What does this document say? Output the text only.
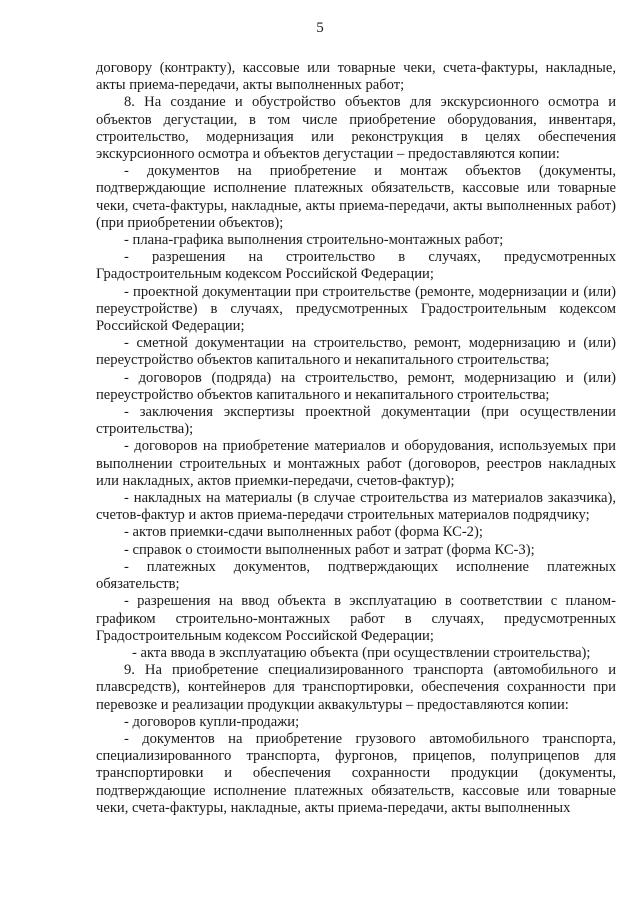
5

договору (контракту), кассовые или товарные чеки, счета-фактуры, накладные, акты приема-передачи, акты выполненных работ;

8. На создание и обустройство объектов для экскурсионного осмотра и объектов дегустации, в том числе приобретение оборудования, инвентаря, строительство, модернизация или реконструкция в целях обеспечения экскурсионного осмотра и объектов дегустации – предоставляются копии:

- документов на приобретение и монтаж объектов (документы, подтверждающие исполнение платежных обязательств, кассовые или товарные чеки, счета-фактуры, накладные, акты приема-передачи, акты выполненных работ) (при приобретении объектов);

- плана-графика выполнения строительно-монтажных работ;

- разрешения на строительство в случаях, предусмотренных Градостроительным кодексом Российской Федерации;

- проектной документации при строительстве (ремонте, модернизации и (или) переустройстве) в случаях, предусмотренных Градостроительным кодексом Российской Федерации;

- сметной документации на строительство, ремонт, модернизацию и (или) переустройство объектов капитального и некапитального строительства;

- договоров (подряда) на строительство, ремонт, модернизацию и (или) переустройство объектов капитального и некапитального строительства;

- заключения экспертизы проектной документации (при осуществлении строительства);

- договоров на приобретение материалов и оборудования, используемых при выполнении строительных и монтажных работ (договоров, реестров накладных или накладных, актов приемки-передачи, счетов-фактур);

- накладных на материалы (в случае строительства из материалов заказчика), счетов-фактур и актов приема-передачи строительных материалов подрядчику;

- актов приемки-сдачи выполненных работ (форма КС-2);

- справок о стоимости выполненных работ и затрат (форма КС-3);

- платежных документов, подтверждающих исполнение платежных обязательств;

- разрешения на ввод объекта в эксплуатацию в соответствии с планом-графиком строительно-монтажных работ в случаях, предусмотренных Градостроительным кодексом Российской Федерации;

- акта ввода в эксплуатацию объекта (при осуществлении строительства);

9. На приобретение специализированного транспорта (автомобильного и плавсредств), контейнеров для транспортировки, обеспечения сохранности при перевозке и реализации продукции аквакультуры – предоставляются копии:

- договоров купли-продажи;

- документов на приобретение грузового автомобильного транспорта, специализированного транспорта, фургонов, прицепов, полуприцепов для транспортировки и обеспечения сохранности продукции (документы, подтверждающие исполнение платежных обязательств, кассовые или товарные чеки, счета-фактуры, накладные, акты приема-передачи, акты выполненных
